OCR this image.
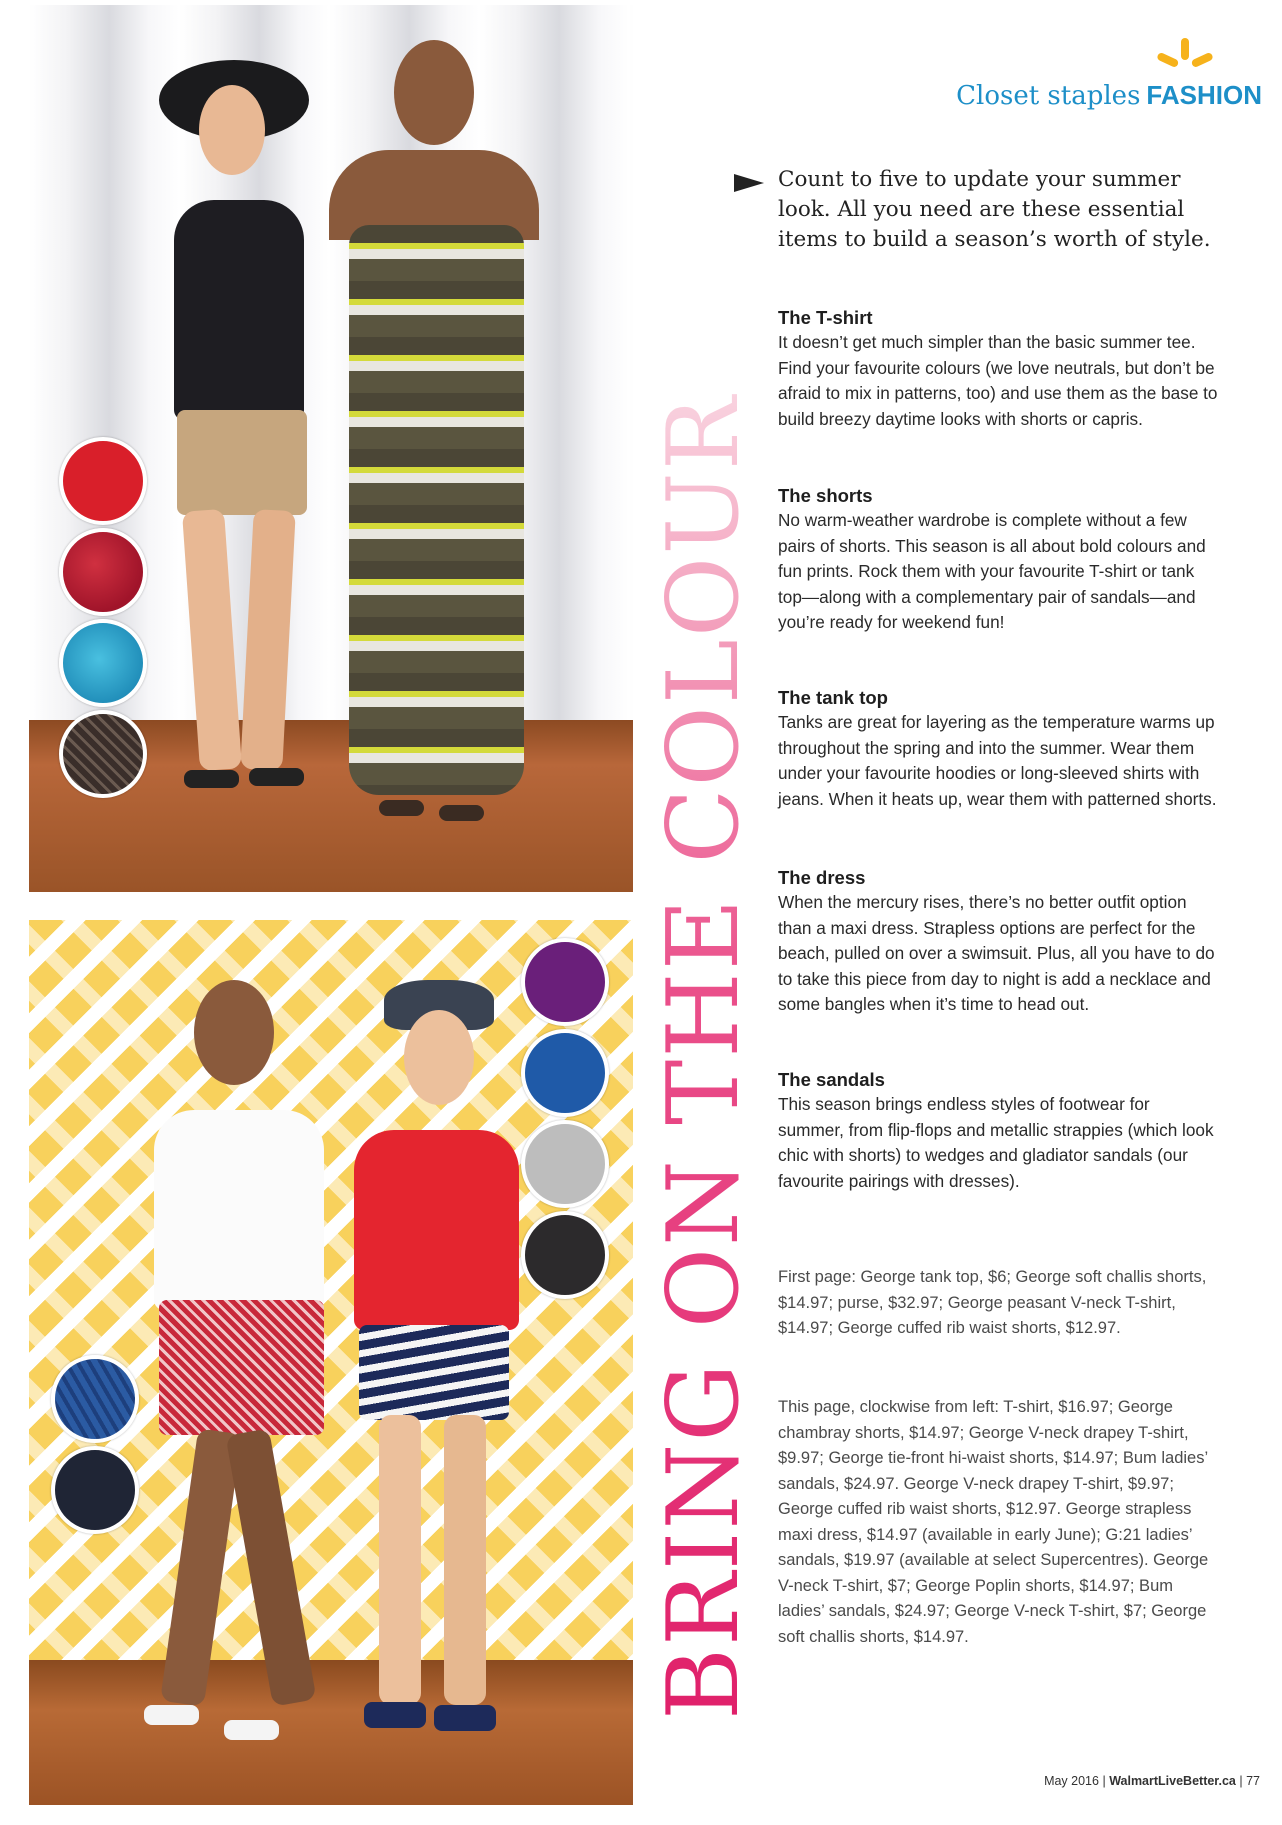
BRING ON THE COLOUR
Closet staples FASHION

Count to five to update your summer look. All you need are these essential items to build a season’s worth of style.

The T-shirt

It doesn’t get much simpler than the basic summer tee. Find your favourite colours (we love neutrals, but don’t be afraid to mix in patterns, too) and use them as the base to build breezy daytime looks with shorts or capris.

The shorts

No warm-weather wardrobe is complete without a few pairs of shorts. This season is all about bold colours and fun prints. Rock them with your favourite T-shirt or tank top—along with a complementary pair of sandals—and you’re ready for weekend fun!

The tank top

Tanks are great for layering as the temperature warms up throughout the spring and into the summer. Wear them under your favourite hoodies or long-sleeved shirts with jeans. When it heats up, wear them with patterned shorts.

The dress

When the mercury rises, there’s no better outfit option than a maxi dress. Strapless options are perfect for the beach, pulled on over a swimsuit. Plus, all you have to do to take this piece from day to night is add a necklace and some bangles when it’s time to head out.

The sandals

This season brings endless styles of footwear for summer, from flip-flops and metallic strappies (which look chic with shorts) to wedges and gladiator sandals (our favourite pairings with dresses).

First page: George tank top, $6; George soft challis shorts, $14.97; purse, $32.97; George peasant V-neck T-shirt, $14.97; George cuffed rib waist shorts, $12.97.

This page, clockwise from left: T-shirt, $16.97; George chambray shorts, $14.97; George V-neck drapey T-shirt, $9.97; George tie-front hi-waist shorts, $14.97; Bum ladies’ sandals, $24.97. George V-neck drapey T-shirt, $9.97; George cuffed rib waist shorts, $12.97. George strapless maxi dress, $14.97 (available in early June); G:21 ladies’ sandals, $19.97 (available at select Supercentres). George V-neck T-shirt, $7; George Poplin shorts, $14.97; Bum ladies’ sandals, $24.97; George V-neck T-shirt, $7; George soft challis shorts, $14.97.

May 2016 | WalmartLiveBetter.ca | 77
